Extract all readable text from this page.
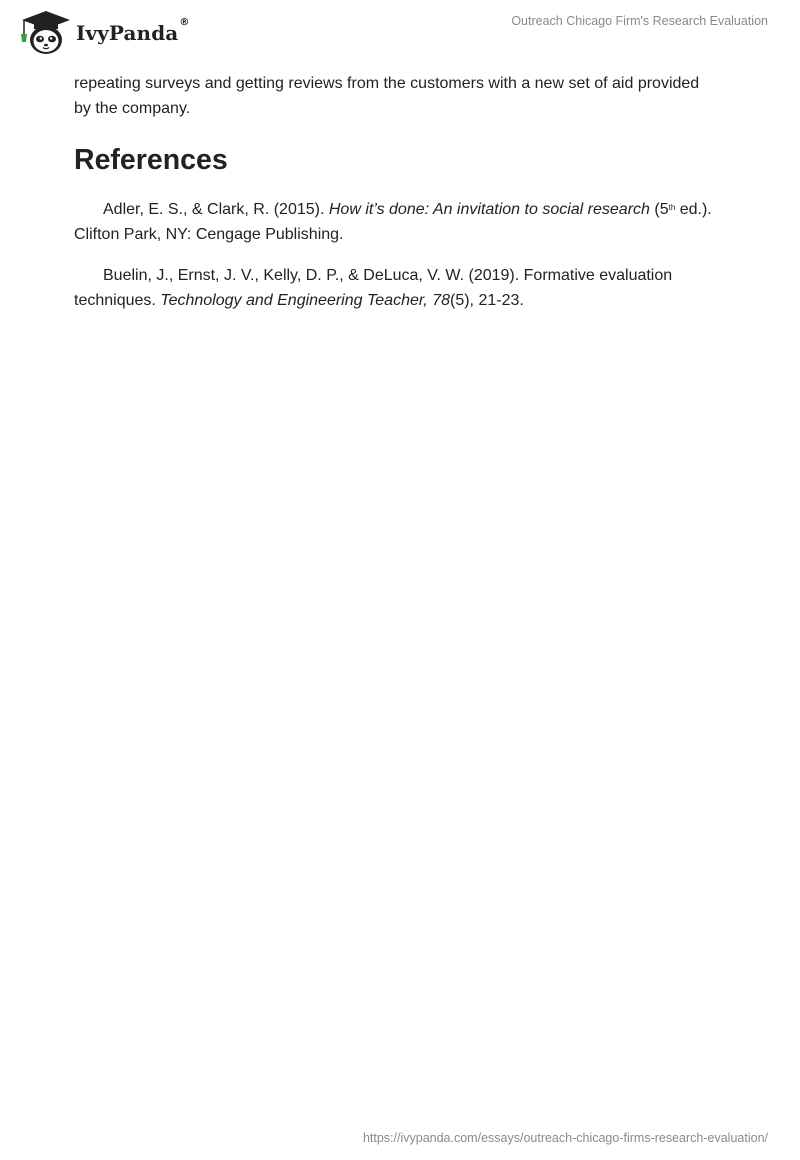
IvyPanda®	Outreach Chicago Firm's Research Evaluation

repeating surveys and getting reviews from the customers with a new set of aid provided by the company.

References

Adler, E. S., & Clark, R. (2015). How it’s done: An invitation to social research (5th ed.). Clifton Park, NY: Cengage Publishing.

Buelin, J., Ernst, J. V., Kelly, D. P., & DeLuca, V. W. (2019). Formative evaluation techniques. Technology and Engineering Teacher, 78(5), 21-23.

https://ivypanda.com/essays/outreach-chicago-firms-research-evaluation/
